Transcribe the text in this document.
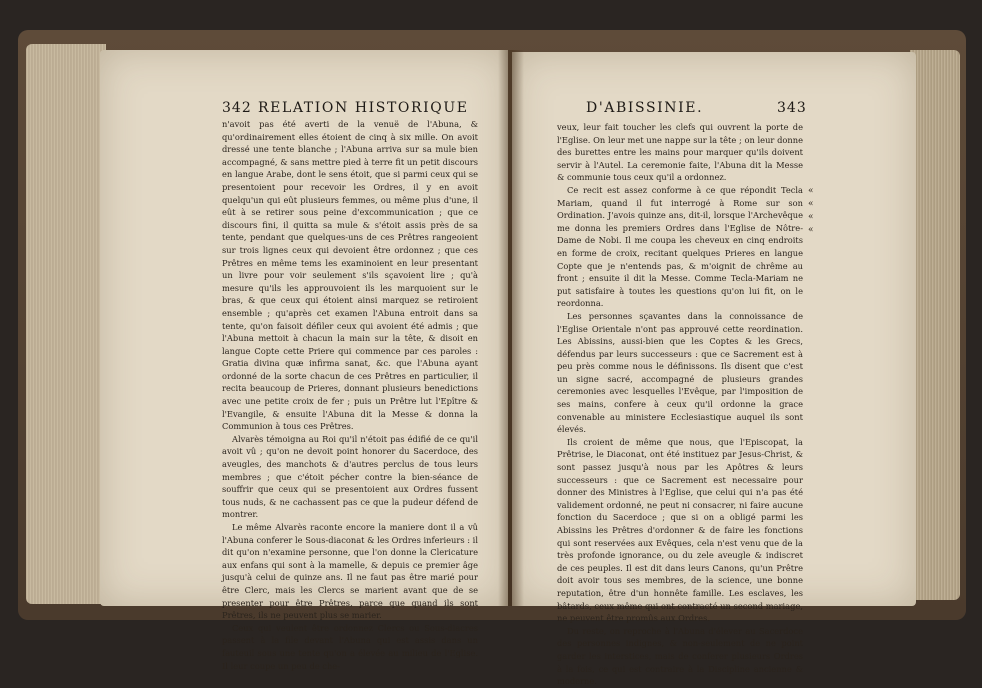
342 RELATION HISTORIQUE	D'ABISSINIE.	343

n'avoit pas été averti de la venuë de l'Abuna, & qu'ordinairement elles étoient de cinq à six mille. On avoit dressé une tente blanche ; l'Abuna arriva sur sa mule bien accompagné, & sans mettre pied à terre fit un petit discours en langue Arabe, dont le sens étoit, que si parmi ceux qui se presentoient pour recevoir les Ordres, il y en avoit quelqu'un qui eût plusieurs femmes, ou même plus d'une, il eût à se retirer sous peine d'excommunication ; que ce discours fini, il quitta sa mule & s'étoit assis près de sa tente, pendant que quelques-uns de ces Prêtres rangeoient sur trois lignes ceux qui devoient être ordonnez ; que ces Prêtres en même tems les examinoient en leur presentant un livre pour voir seulement s'ils sçavoient lire ; qu'à mesure qu'ils les approuvoient ils les marquoient sur le bras, & que ceux qui étoient ainsi marquez se retiroient ensemble ; qu'après cet examen l'Abuna entroit dans sa tente, qu'on faisoit défiler ceux qui avoient été admis ; que l'Abuna mettoit à chacun la main sur la tête, & disoit en langue Copte cette Priere qui commence par ces paroles : Gratia divina quæ infirma sanat, &c. que l'Abuna ayant ordonné de la sorte chacun de ces Prêtres en particulier, il recita beaucoup de Prieres, donnant plusieurs benedictions avec une petite croix de fer ; puis un Prêtre lut l'Epître & l'Evangile, & ensuite l'Abuna dit la Messe & donna la Communion à tous ces Prêtres.

Alvarès témoigna au Roi qu'il n'étoit pas édifié de ce qu'il avoit vû ; qu'on ne devoit point honorer du Sacerdoce, des aveugles, des manchots & d'autres perclus de tous leurs membres ; que c'étoit pécher contre la bien-séance de souffrir que ceux qui se presentoient aux Ordres fussent tous nuds, & ne cachassent pas ce que la pudeur défend de montrer.

Le même Alvarès raconte encore la maniere dont il a vû l'Abuna conferer le Sous-diaconat & les Ordres inferieurs : il dit qu'on n'examine personne, que l'on donne la Clericature aux enfans qui sont à la mamelle, & depuis ce premier âge jusqu'à celui de quinze ans. Il ne faut pas être marié pour être Clerc, mais les Clercs se marient avant que de se presenter pour être Prêtres, parce que quand ils sont Prêtres, ils ne peuvent plus se marier.

Ceux qui veulent être ordonnez Clercs ou Sous-diacres passent à la file devant l'Abuna qui est assis dans un fauteuil sous une tente qu'on a élevée au milieu de l'Eglise. Il leur coupe un peu de che-

veux, leur fait toucher les clefs qui ouvrent la porte de l'Eglise. On leur met une nappe sur la tête ; on leur donne des burettes entre les mains pour marquer qu'ils doivent servir à l'Autel. La ceremonie faite, l'Abuna dit la Messe & communie tous ceux qu'il a ordonnez.

Ce recit est assez conforme à ce que répondit Tecla Mariam, quand il fut interrogé à Rome sur son Ordination. J'avois quinze ans, dit-il, lorsque l'Archevêque me donna les premiers Ordres dans l'Eglise de Nôtre-Dame de Nobi. Il me coupa les cheveux en cinq endroits en forme de croix, recitant quelques Prieres en langue Copte que je n'entends pas, & m'oignit de chrême au front ; ensuite il dit la Messe. Comme Tecla-Mariam ne put satisfaire à toutes les questions qu'on lui fit, on le reordonna.

Les personnes sçavantes dans la connoissance de l'Eglise Orientale n'ont pas approuvé cette reordination. Les Abissins, aussi-bien que les Coptes & les Grecs, défendus par leurs successeurs : que ce Sacrement est à peu près comme nous le définissons. Ils disent que c'est un signe sacré, accompagné de plusieurs grandes ceremonies avec lesquelles l'Evêque, par l'imposition de ses mains, confere à ceux qu'il ordonne la grace convenable au ministere Ecclesiastique auquel ils sont élevés.

Ils croient de même que nous, que l'Episcopat, la Prêtrise, le Diaconat, ont été instituez par Jesus-Christ, & sont passez jusqu'à nous par les Apôtres & leurs successeurs : que ce Sacrement est necessaire pour donner des Ministres à l'Eglise, que celui qui n'a pas été validement ordonné, ne peut ni consacrer, ni faire aucune fonction du Sacerdoce ; que si on a obligé parmi les Abissins les Prêtres d'ordonner & de faire les fonctions qui sont reservées aux Evêques, cela n'est venu que de la très profonde ignorance, ou du zele aveugle & indiscret de ces peuples. Il est dit dans leurs Canons, qu'un Prêtre doit avoir tous ses membres, de la science, une bonne reputation, être d'un honnête famille. Les esclaves, les bâtards, ceux même qui ont contracté un second mariage, ne peuvent être promûs aux Ordres.

Du reste, on reproche à l'Abuna d'élever au Sacerdoce des personnes indignes, & non-seulement de ne point garder les interstices, mais de conferer plusieurs Ordres à la fois, ce qui est contraire à la Discipline ancienne & moderne.

«
«
«
«
